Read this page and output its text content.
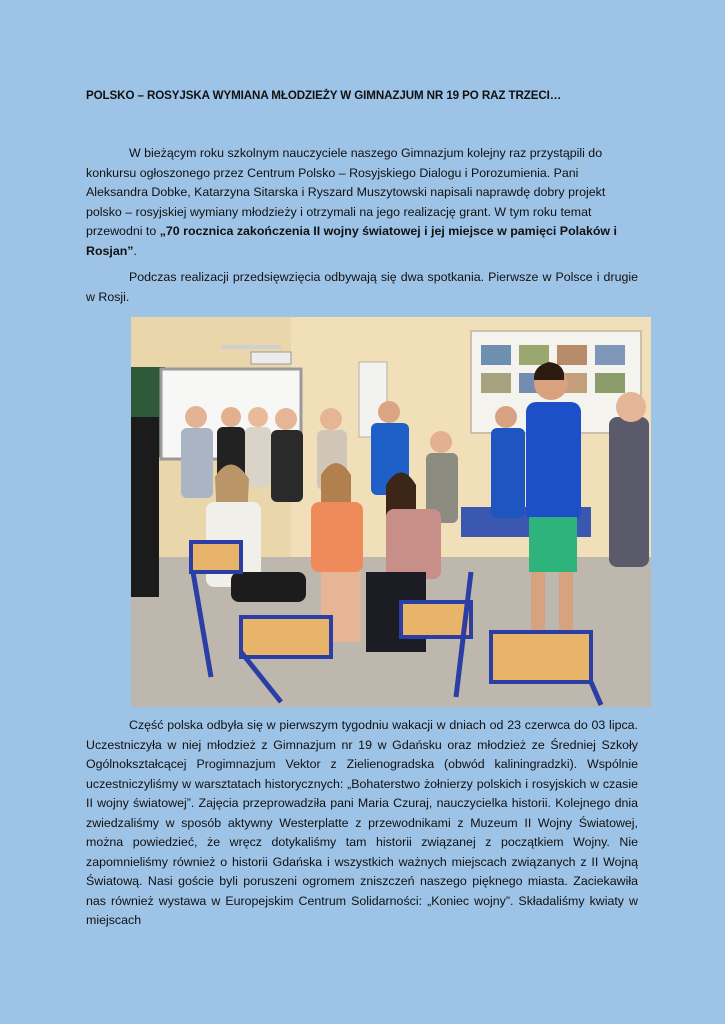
POLSKO – ROSYJSKA WYMIANA MŁODZIEŻY W GIMNAZJUM NR 19 PO RAZ TRZECI…
W bieżącym roku szkolnym nauczyciele naszego Gimnazjum kolejny raz przystąpili do konkursu ogłoszonego przez Centrum Polsko – Rosyjskiego Dialogu i Porozumienia. Pani Aleksandra Dobke, Katarzyna Sitarska i Ryszard Muszytowski napisali naprawdę dobry projekt polsko – rosyjskiej wymiany młodzieży i otrzymali na jego realizację grant. W tym roku temat przewodni to „70 rocznica zakończenia II wojny światowej i jej miejsce w pamięci Polaków i Rosjan”.
Podczas realizacji przedsięwzięcia odbywają się dwa spotkania. Pierwsze w Polsce i drugie w Rosji.
Część polska odbyła się w pierwszym tygodniu wakacji w dniach od 23 czerwca do 03 lipca. Uczestniczyła w niej młodzież z Gimnazjum nr 19 w Gdańsku oraz młodzież ze Średniej Szkoły Ogólnokształcącej Progimnazjum Vektor z Zielienogradska (obwód kaliningradzki). Wspólnie uczestniczyliśmy w warsztatach historycznych: „Bohaterstwo żołnierzy polskich i rosyjskich w czasie II wojny światowej”. Zajęcia przeprowadziła pani Maria Czuraj, nauczycielka historii. Kolejnego dnia zwiedzaliśmy w sposób aktywny Westerplatte z przewodnikami z Muzeum II Wojny Światowej, można powiedzieć, że wręcz dotykaliśmy tam historii związanej z początkiem Wojny. Nie zapomnieliśmy również o historii Gdańska i wszystkich ważnych miejscach związanych z II Wojną Światową. Nasi goście byli poruszeni ogromem zniszczeń naszego pięknego miasta. Zaciekawiła nas również wystawa w Europejskim Centrum Solidarności: „Koniec wojny”. Składaliśmy kwiaty w miejscach
